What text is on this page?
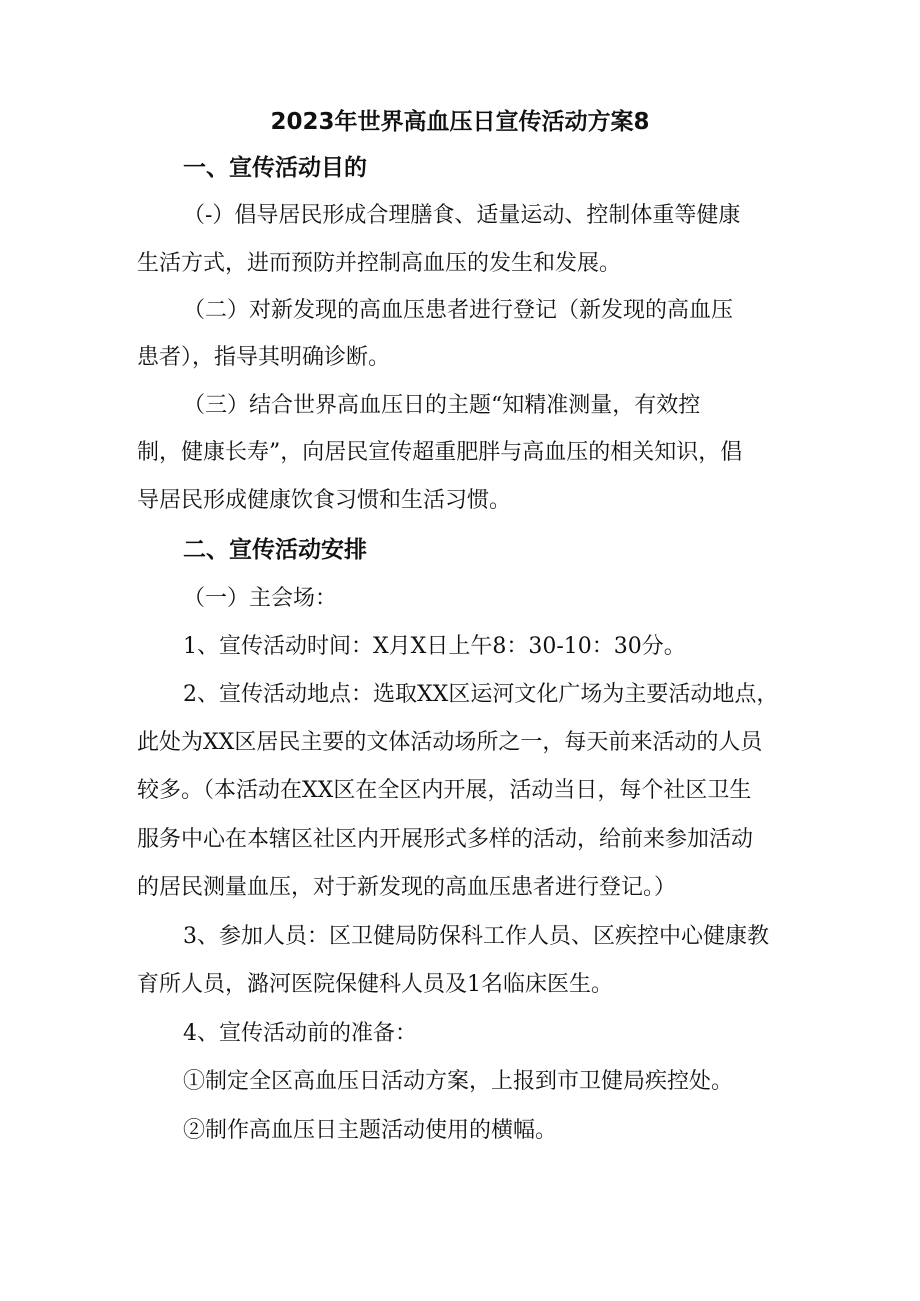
2023年世界高血压日宣传活动方案8
一、宣传活动目的
（-）倡导居民形成合理膳食、适量运动、控制体重等健康
生活方式，进而预防并控制高血压的发生和发展。
（二）对新发现的高血压患者进行登记（新发现的高血压
患者），指导其明确诊断。
（三）结合世界高血压日的主题“知精准测量，有效控
制，健康长寿”，向居民宣传超重肥胖与高血压的相关知识，倡
导居民形成健康饮食习惯和生活习惯。
二、宣传活动安排
（一）主会场：
1、宣传活动时间：X月X日上午8：30-10：30分。
2、宣传活动地点：选取XX区运河文化广场为主要活动地点，
此处为XX区居民主要的文体活动场所之一，每天前来活动的人员
较多。（本活动在XX区在全区内开展，活动当日，每个社区卫生
服务中心在本辖区社区内开展形式多样的活动，给前来参加活动
的居民测量血压，对于新发现的高血压患者进行登记。）
3、参加人员：区卫健局防保科工作人员、区疾控中心健康教
育所人员，潞河医院保健科人员及1名临床医生。
4、宣传活动前的准备：
①制定全区高血压日活动方案，上报到市卫健局疾控处。
②制作高血压日主题活动使用的横幅。
